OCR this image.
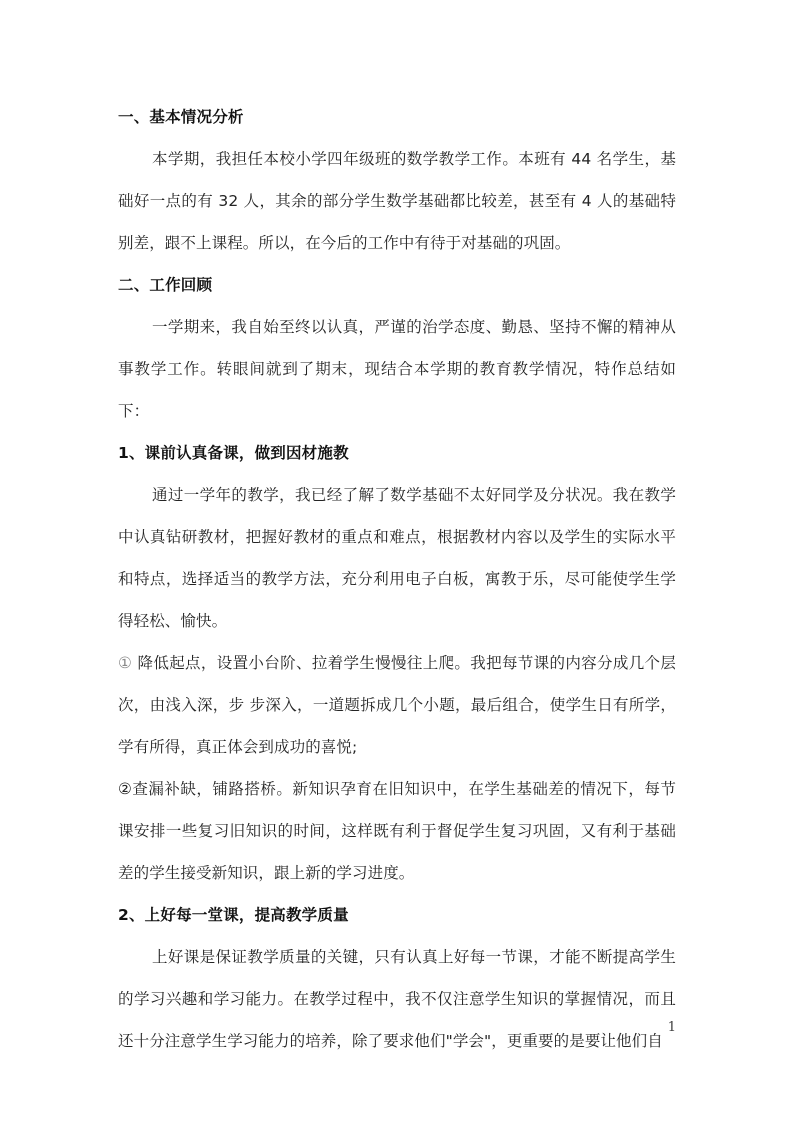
一、基本情况分析
本学期，我担任本校小学四年级班的数学教学工作。本班有 44 名学生，基础好一点的有 32 人，其余的部分学生数学基础都比较差，甚至有 4 人的基础特别差，跟不上课程。所以，在今后的工作中有待于对基础的巩固。
二、工作回顾
一学期来，我自始至终以认真，严谨的治学态度、勤恳、坚持不懈的精神从事教学工作。转眼间就到了期末，现结合本学期的教育教学情况，特作总结如下：
1、课前认真备课，做到因材施教
通过一学年的教学，我已经了解了数学基础不太好同学及分状况。我在教学中认真钻研教材，把握好教材的重点和难点，根据教材内容以及学生的实际水平和特点，选择适当的教学方法，充分利用电子白板，寓教于乐，尽可能使学生学得轻松、愉快。
① 降低起点，设置小台阶、拉着学生慢慢往上爬。我把每节课的内容分成几个层次，由浅入深，步 步深入，一道题拆成几个小题，最后组合，使学生日有所学，学有所得，真正体会到成功的喜悦;
②查漏补缺，铺路搭桥。新知识孕育在旧知识中，在学生基础差的情况下，每节课安排一些复习旧知识的时间，这样既有利于督促学生复习巩固，又有利于基础差的学生接受新知识，跟上新的学习进度。
2、上好每一堂课，提高教学质量
上好课是保证教学质量的关键，只有认真上好每一节课，才能不断提高学生的学习兴趣和学习能力。在教学过程中，我不仅注意学生知识的掌握情况，而且还十分注意学生学习能力的培养，除了要求他们"学会"，更重要的是要让他们自
1
